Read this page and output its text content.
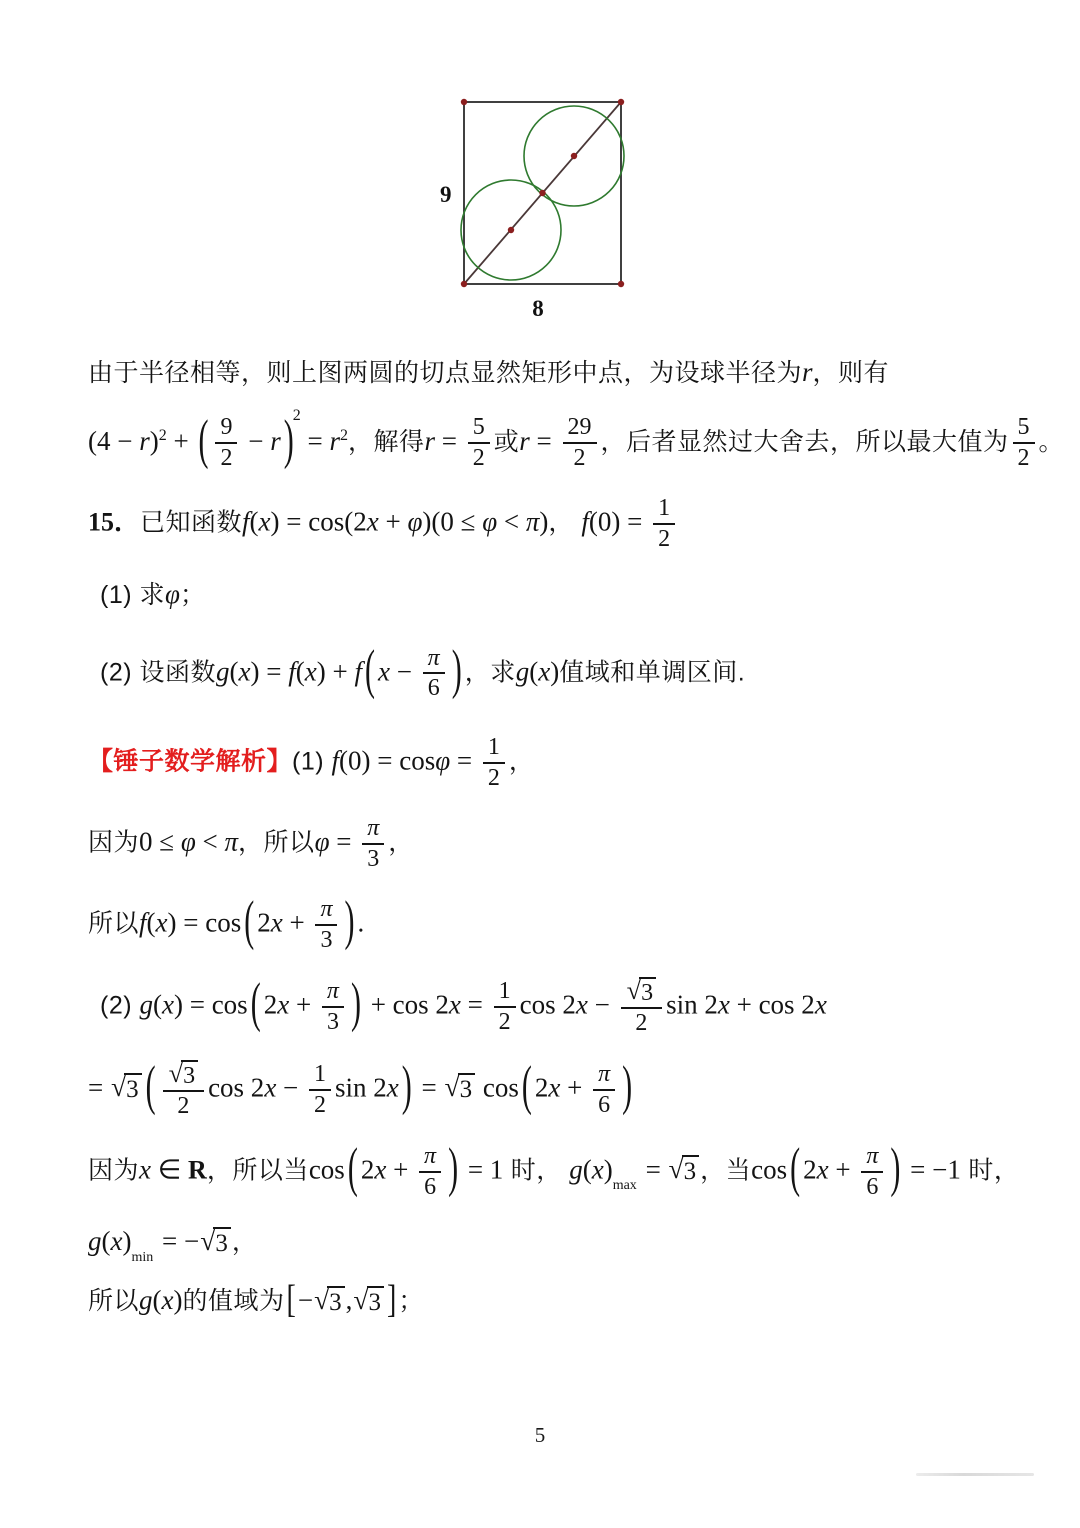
9
8
由于半径相等，则上图两圆的切点显然矩形中点，为设球半径为r，则有
$(4 - r)^2$ + ( $\frac{9}{2} - r$ )$^2 = r^2$，解得$r = \frac{5}{2}$ 或$r = \frac{29}{2}$ ，后者显然过大舍去，所以最大值为 $\frac{5}{2}$ 。
15．已知函数f(x) = cos(2x + φ)(0 ≤ φ < π)， $f(0) = \frac{1}{2}$
(1) 求φ；
(2) 设函数g(x) = f(x) + f ( $x - \frac{\pi}{6}$ ) ，求g(x)值域和单调区间.
【锤子数学解析】(1) $f(0) = \cos\varphi = \frac{1}{2}$ ，
因为0 ≤ φ < π，所以$\varphi = \frac{\pi}{3}$ ，
所以f(x) = cos ( $2x + \frac{\pi}{3}$ ) .
(2) g(x) = cos ( $2x + \frac{\pi}{3}$ ) + $\cos 2x = \frac{1}{2}$ $\cos 2x - \frac{√ 3}{2}$ sin 2x + cos 2x
= √ 3 ( $\frac{√ 3}{2}$ $\cos 2x - \frac{1}{2}$ sin 2x ) = √ 3 cos ( $2x + \frac{\pi}{6}$ )
因为x ∈ R，所以当cos ( $2x + \frac{\pi}{6}$ ) = 1 时， $g(x)_{max}$ = √ 3 ，当cos ( $2x + \frac{\pi}{6}$ ) = −1 时，
$g(x)_{min}$ = − √ 3 ，
所以g(x)的值域为[− √ 3 , √ 3 ]；
5
